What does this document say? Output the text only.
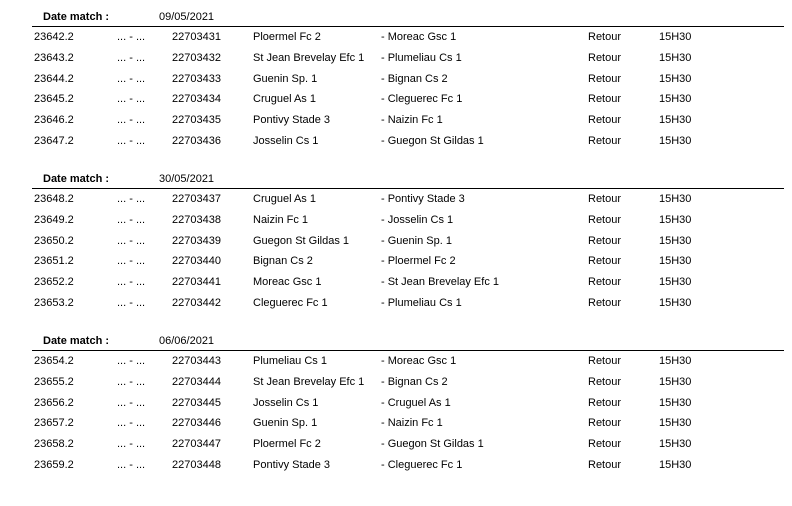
Date match :	09/05/2021
23642.2	... - ... 22703431	Ploermel Fc 2	- Moreac Gsc 1	Retour	15H30
23643.2	... - ... 22703432	St Jean Brevelay Efc 1 - Plumeliau Cs 1	Retour	15H30
23644.2	... - ... 22703433	Guenin Sp. 1	- Bignan Cs 2	Retour	15H30
23645.2	... - ... 22703434	Cruguel As 1	- Cleguerec Fc 1	Retour	15H30
23646.2	... - ... 22703435	Pontivy Stade 3	- Naizin Fc 1	Retour	15H30
23647.2	... - ... 22703436	Josselin Cs 1	- Guegon St Gildas 1	Retour	15H30
Date match :	30/05/2021
23648.2	... - ... 22703437	Cruguel As 1	- Pontivy Stade 3	Retour	15H30
23649.2	... - ... 22703438	Naizin Fc 1	- Josselin Cs 1	Retour	15H30
23650.2	... - ... 22703439	Guegon St Gildas 1	- Guenin Sp. 1	Retour	15H30
23651.2	... - ... 22703440	Bignan Cs 2	- Ploermel Fc 2	Retour	15H30
23652.2	... - ... 22703441	Moreac Gsc 1	- St Jean Brevelay Efc 1	Retour	15H30
23653.2	... - ... 22703442	Cleguerec Fc 1	- Plumeliau Cs 1	Retour	15H30
Date match :	06/06/2021
23654.2	... - ... 22703443	Plumeliau Cs 1	- Moreac Gsc 1	Retour	15H30
23655.2	... - ... 22703444	St Jean Brevelay Efc 1 - Bignan Cs 2	Retour	15H30
23656.2	... - ... 22703445	Josselin Cs 1	- Cruguel As 1	Retour	15H30
23657.2	... - ... 22703446	Guenin Sp. 1	- Naizin Fc 1	Retour	15H30
23658.2	... - ... 22703447	Ploermel Fc 2	- Guegon St Gildas 1	Retour	15H30
23659.2	... - ... 22703448	Pontivy Stade 3	- Cleguerec Fc 1	Retour	15H30
